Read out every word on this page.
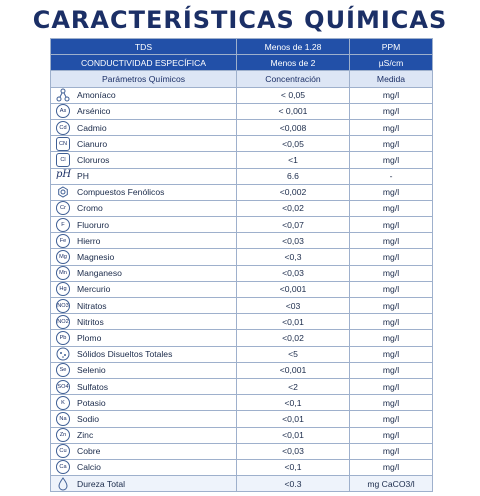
CARACTERÍSTICAS QUÍMICAS
TDS	Menos de 1.28	PPM
CONDUCTIVIDAD ESPECÍFICA	Menos de 2	µS/cm
Parámetros Químicos	Concentración	Medida

Amoníaco	< 0,05	mg/l

As Arsénico	< 0,001	mg/l

Cd Cadmio	<0,008	mg/l

CN Cianuro	<0,05	mg/l

Cl Cloruros	<1	mg/l

pH PH	6.6	-

Compuestos Fenólicos	<0,002	mg/l

Cr Cromo	<0,02	mg/l

F Fluoruro	<0,07	mg/l

Fe Hierro	<0,03	mg/l

Mg Magnesio	<0,3	mg/l

Mn Manganeso	<0,03	mg/l

Hg Mercurio	<0,001	mg/l

NO3 Nitratos	<03	mg/l

NO2 Nitritos	<0,01	mg/l

Pb Plomo	<0,02	mg/l

Sólidos Disueltos Totales	<5	mg/l

Se Selenio	<0,001	mg/l

SO4 Sulfatos	<2	mg/l

K Potasio	<0,1	mg/l

Na Sodio	<0,01	mg/l

Zn Zinc	<0,01	mg/l

Cu Cobre	<0,03	mg/l

Ca Calcio	<0,1	mg/l

Dureza Total	<0.3	mg CaCO3/l
